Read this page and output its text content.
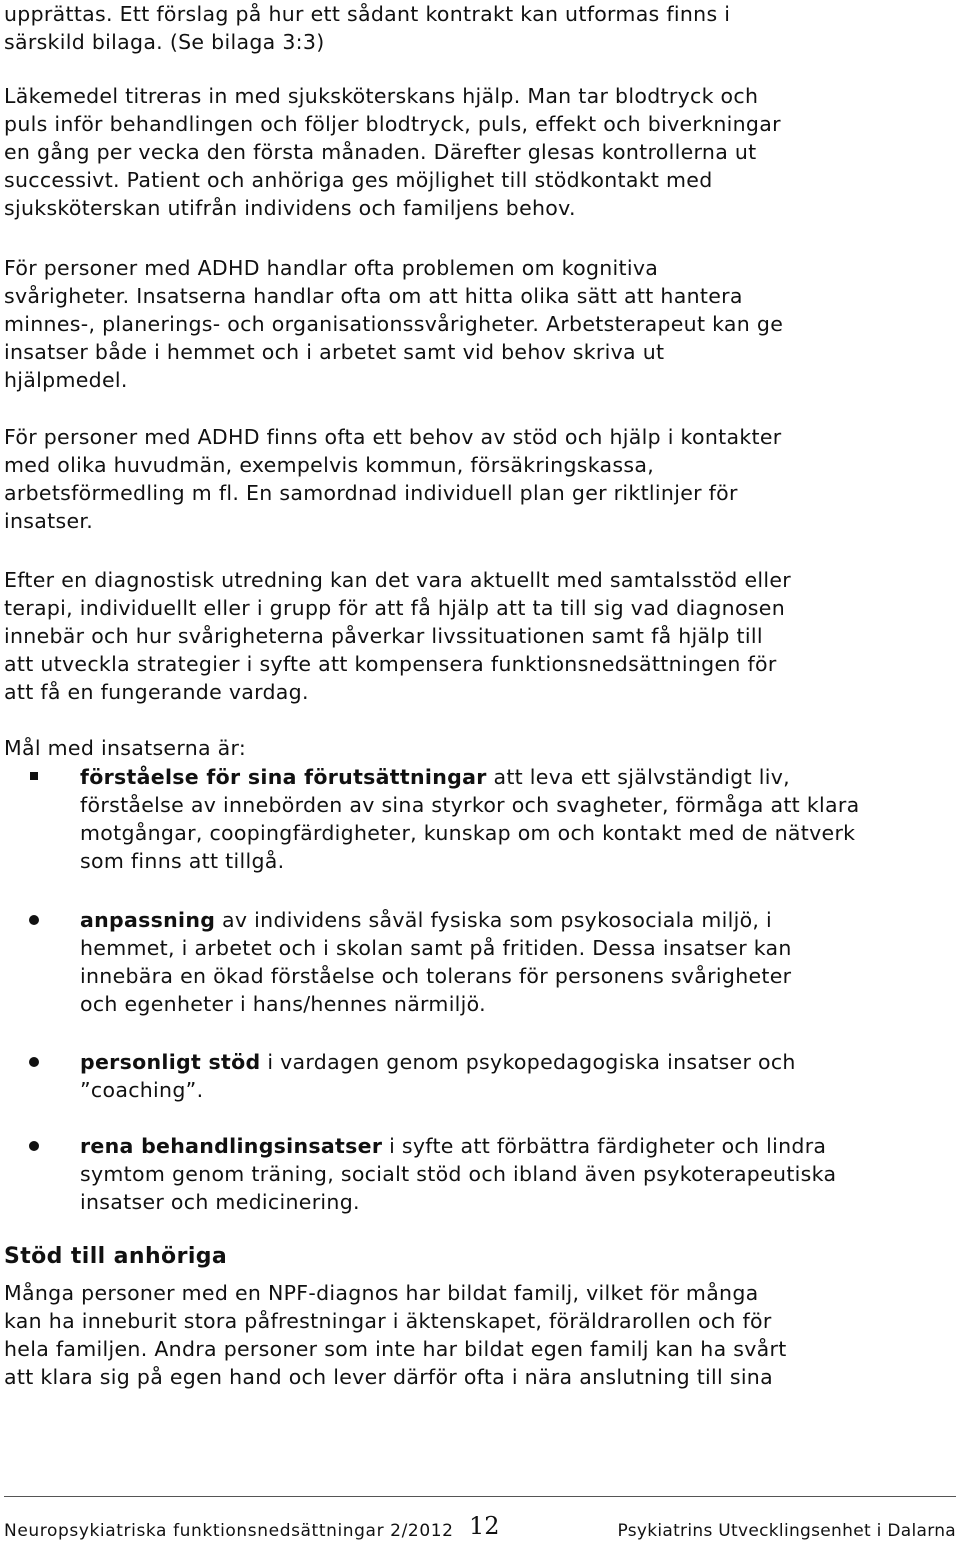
upprättas. Ett förslag på hur ett sådant kontrakt kan utformas finns i
särskild bilaga. (Se bilaga 3:3)
Läkemedel titreras in med sjuksköterskans hjälp. Man tar blodtryck och
puls inför behandlingen och följer blodtryck, puls, effekt och biverkningar
en gång per vecka den första månaden. Därefter glesas kontrollerna ut
successivt. Patient och anhöriga ges möjlighet till stödkontakt med
sjuksköterskan utifrån individens och familjens behov.
För personer med ADHD handlar ofta problemen om kognitiva
svårigheter. Insatserna handlar ofta om att hitta olika sätt att hantera
minnes-, planerings- och organisationssvårigheter. Arbetsterapeut kan ge
insatser både i hemmet och i arbetet samt vid behov skriva ut
hjälpmedel.
För personer med ADHD finns ofta ett behov av stöd och hjälp i kontakter
med olika huvudmän, exempelvis kommun, försäkringskassa,
arbetsförmedling m fl. En samordnad individuell plan ger riktlinjer för
insatser.
Efter en diagnostisk utredning kan det vara aktuellt med samtalsstöd eller
terapi, individuellt eller i grupp för att få hjälp att ta till sig vad diagnosen
innebär och hur svårigheterna påverkar livssituationen samt få hjälp till
att utveckla strategier i syfte att kompensera funktionsnedsättningen för
att få en fungerande vardag.
Mål med insatserna är:
förståelse för sina förutsättningar att leva ett självständigt liv,
förståelse av innebörden av sina styrkor och svagheter, förmåga att klara
motgångar, coopingfärdigheter, kunskap om och kontakt med de nätverk
som finns att tillgå.
anpassning av individens såväl fysiska som psykosociala miljö, i
hemmet, i arbetet och i skolan samt på fritiden. Dessa insatser kan
innebära en ökad förståelse och tolerans för personens svårigheter
och egenheter i hans/hennes närmiljö.
personligt stöd i vardagen genom psykopedagogiska insatser och
”coaching”.
rena behandlingsinsatser i syfte att förbättra färdigheter och lindra
symtom genom träning, socialt stöd och ibland även psykoterapeutiska
insatser och medicinering.
Stöd till anhöriga
Många personer med en NPF-diagnos har bildat familj, vilket för många
kan ha inneburit stora påfrestningar i äktenskapet, föräldrarollen och för
hela familjen. Andra personer som inte har bildat egen familj kan ha svårt
att klara sig på egen hand och lever därför ofta i nära anslutning till sina
Neuropsykiatriska funktionsnedsättningar 2/2012 12	Psykiatrins Utvecklingsenhet i Dalarna
